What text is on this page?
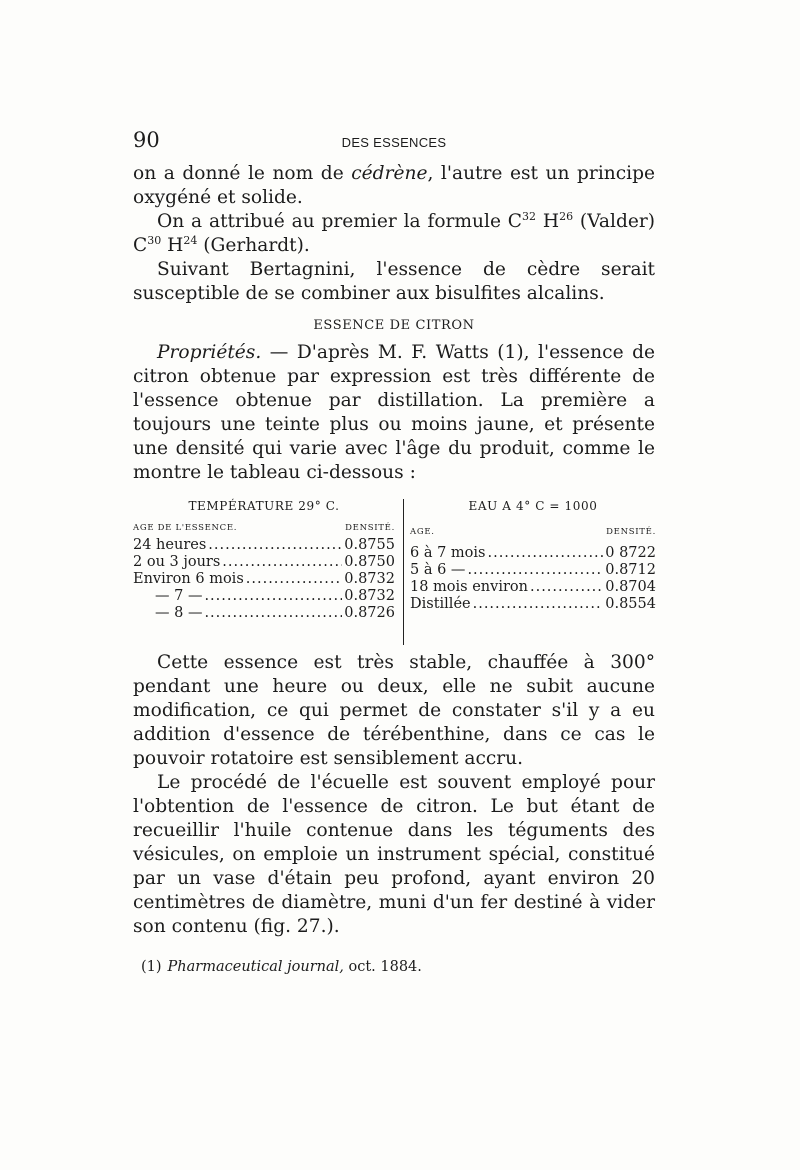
90	DES ESSENCES

on a donné le nom de cédrène, l'autre est un principe oxygéné et solide.

On a attribué au premier la formule $C^{32}$ $H^{26}$ (Valder) $C^{30}$ $H^{24}$ (Gerhardt).

Suivant Bertagnini, l'essence de cèdre serait susceptible de se combiner aux bisulfites alcalins.

ESSENCE DE CITRON

Propriétés. — D'après M. F. Watts (1), l'essence de citron obtenue par expression est très différente de l'essence obtenue par distillation. La première a toujours une teinte plus ou moins jaune, et présente une densité qui varie avec l'âge du produit, comme le montre le tableau ci-dessous :

TEMPÉRATURE 29° C.
AGE DE L'ESSENCE.	DENSITÉ.
24 heures .....	0.8755
2 ou 3 jours .....	0.8750
Environ 6 mois .....	0.8732
— 7 — .....	0.8732
— 8 — .....	0.8726
EAU A 4° C = 1000
AGE.	DENSITÉ.
6 à 7 mois .....	0 8722
5 à 6 — .....	0.8712
18 mois environ .....	0.8704
Distillée .....	0.8554

Cette essence est très stable, chauffée à 300° pendant une heure ou deux, elle ne subit aucune modification, ce qui permet de constater s'il y a eu addition d'essence de térébenthine, dans ce cas le pouvoir rotatoire est sensiblement accru.

Le procédé de l'écuelle est souvent employé pour l'obtention de l'essence de citron. Le but étant de recueillir l'huile contenue dans les téguments des vésicules, on emploie un instrument spécial, constitué par un vase d'étain peu profond, ayant environ 20 centimètres de diamètre, muni d'un fer destiné à vider son contenu (fig. 27.).

(1) Pharmaceutical journal, oct. 1884.
